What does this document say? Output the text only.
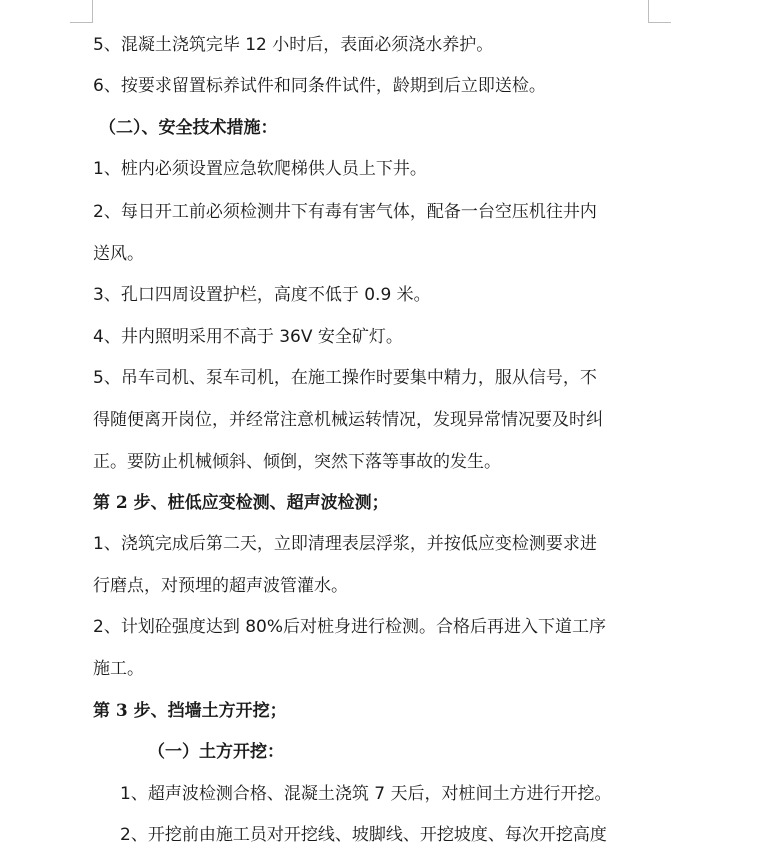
5、混凝土浇筑完毕 12 小时后，表面必须浇水养护。
6、按要求留置标养试件和同条件试件，龄期到后立即送检。
（二）、安全技术措施：
1、桩内必须设置应急软爬梯供人员上下井。
2、每日开工前必须检测井下有毒有害气体，配备一台空压机往井内
送风。
3、孔口四周设置护栏，高度不低于 0.9 米。
4、井内照明采用不高于 36V 安全矿灯。
5、吊车司机、泵车司机，在施工操作时要集中精力，服从信号，不
得随便离开岗位，并经常注意机械运转情况，发现异常情况要及时纠
正。要防止机械倾斜、倾倒，突然下落等事故的发生。
第 2 步、桩低应变检测、超声波检测；
1、浇筑完成后第二天，立即清理表层浮浆，并按低应变检测要求进
行磨点，对预埋的超声波管灌水。
2、计划砼强度达到 80%后对桩身进行检测。合格后再进入下道工序
施工。
第 3 步、挡墙土方开挖；
（一）土方开挖：
1、超声波检测合格、混凝土浇筑 7 天后，对桩间土方进行开挖。
2、开挖前由施工员对开挖线、坡脚线、开挖坡度、每次开挖高度
